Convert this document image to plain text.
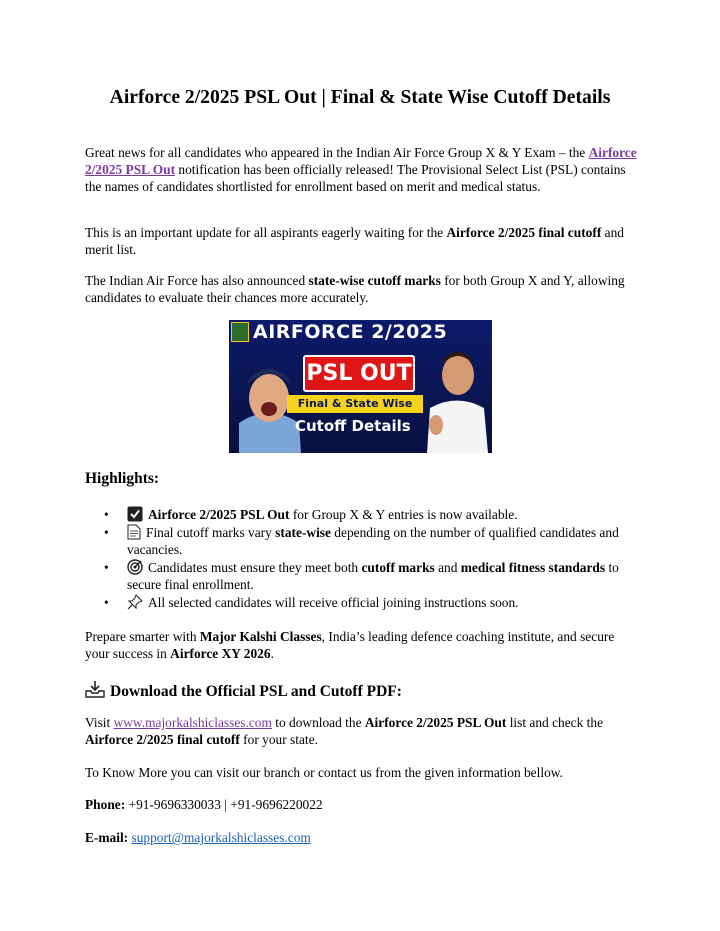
Airforce 2/2025 PSL Out | Final & State Wise Cutoff Details

Great news for all candidates who appeared in the Indian Air Force Group X & Y Exam – the Airforce 2/2025 PSL Out notification has been officially released! The Provisional Select List (PSL) contains the names of candidates shortlisted for enrollment based on merit and medical status.

This is an important update for all aspirants eagerly waiting for the Airforce 2/2025 final cutoff and merit list.

The Indian Air Force has also announced state-wise cutoff marks for both Group X and Y, allowing candidates to evaluate their chances more accurately.

AIRFORCE 2/2025
PSL OUT
Final & State Wise
Cutoff Details
Highlights:
•	Airforce 2/2025 PSL Out for Group X & Y entries is now available.
•	Final cutoff marks vary state-wise depending on the number of qualified candidates and vacancies.
•	Candidates must ensure they meet both cutoff marks and medical fitness standards to secure final enrollment.
•	All selected candidates will receive official joining instructions soon.

Prepare smarter with Major Kalshi Classes, India’s leading defence coaching institute, and secure your success in Airforce XY 2026.

Download the Official PSL and Cutoff PDF:

Visit www.majorkalshiclasses.com to download the Airforce 2/2025 PSL Out list and check the Airforce 2/2025 final cutoff for your state.

To Know More you can visit our branch or contact us from the given information bellow.

Phone: +91-9696330033 | +91-9696220022

E-mail: support@majorkalshiclasses.com
